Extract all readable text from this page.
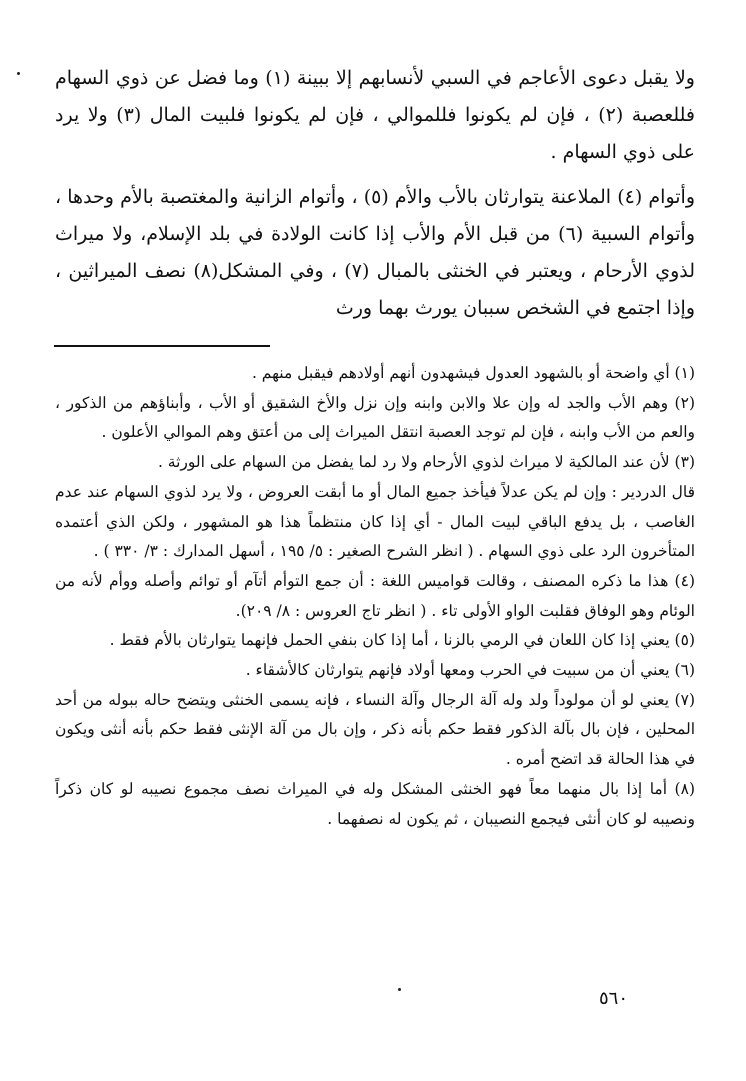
ولا يقبل دعوى الأعاجم في السبي لأنسابهم إلا ببينة (١) وما فضل عن ذوي السهام فللعصبة (٢) ، فإن لم يكونوا فللموالي ، فإن لم يكونوا فلبيت المال (٣) ولا يرد على ذوي السهام .

وأتوام (٤) الملاعنة يتوارثان بالأب والأم (٥) ، وأتوام الزانية والمغتصبة بالأم وحدها ، وأتوام السبية (٦) من قبل الأم والأب إذا كانت الولادة في بلد الإسلام، ولا ميراث لذوي الأرحام ، ويعتبر في الخنثى بالمبال (٧) ، وفي المشكل(٨) نصف الميراثين ، وإذا اجتمع في الشخص سببان يورث بهما ورث

(١) أي واضحة أو بالشهود العدول فيشهدون أنهم أولادهم فيقبل منهم .

(٢) وهم الأب والجد له وإن علا والابن وابنه وإن نزل والأخ الشقيق أو الأب ، وأبناؤهم من الذكور ، والعم من الأب وابنه ، فإن لم توجد العصبة انتقل الميراث إلى من أعتق وهم الموالي الأعلون .

(٣) لأن عند المالكية لا ميراث لذوي الأرحام ولا رد لما يفضل من السهام على الورثة .

قال الدردير : وإن لم يكن عدلاً فيأخذ جميع المال أو ما أبقت العروض ، ولا يرد لذوي السهام عند عدم الغاصب ، بل يدفع الباقي لبيت المال - أي إذا كان منتظماً هذا هو المشهور ، ولكن الذي أعتمده المتأخرون الرد على ذوي السهام . ( انظر الشرح الصغير : ٥/ ١٩٥ ، أسهل المدارك : ٣/ ٣٣٠ ) .

(٤) هذا ما ذكره المصنف ، وقالت قواميس اللغة : أن جمع التوأم أتآم أو توائم وأصله ووأم لأنه من الوئام وهو الوفاق فقلبت الواو الأولى تاء . ( انظر تاج العروس : ٨/ ٢٠٩).

(٥) يعني إذا كان اللعان في الرمي بالزنا ، أما إذا كان بنفي الحمل فإنهما يتوارثان بالأم فقط .

(٦) يعني أن من سبيت في الحرب ومعها أولاد فإنهم يتوارثان كالأشقاء .

(٧) يعني لو أن مولوداً ولد وله آلة الرجال وآلة النساء ، فإنه يسمى الخنثى ويتضح حاله ببوله من أحد المحلين ، فإن بال بآلة الذكور فقط حكم بأنه ذكر ، وإن بال من آلة الإنثى فقط حكم بأنه أنثى ويكون في هذا الحالة قد اتضح أمره .

(٨) أما إذا بال منهما معاً فهو الخنثى المشكل وله في الميراث نصف مجموع نصيبه لو كان ذكراً ونصيبه لو كان أنثى فيجمع النصيبان ، ثم يكون له نصفهما .

٥٦٠
